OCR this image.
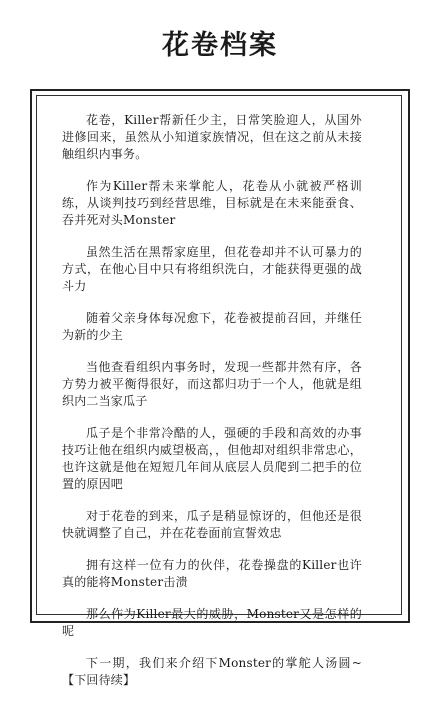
花卷档案

花卷，Killer帮新任少主，日常笑脸迎人，从国外进修回来，虽然从小知道家族情况，但在这之前从未接触组织内事务。

作为Killer帮未来掌舵人，花卷从小就被严格训练，从谈判技巧到经营思维，目标就是在未来能蚕食、吞并死对头Monster

虽然生活在黑帮家庭里，但花卷却并不认可暴力的方式，在他心目中只有将组织洗白，才能获得更强的战斗力

随着父亲身体每况愈下，花卷被提前召回，并继任为新的少主

当他查看组织内事务时，发现一些都井然有序，各方势力被平衡得很好，而这都归功于一个人，他就是组织内二当家瓜子

瓜子是个非常冷酷的人，强硬的手段和高效的办事技巧让他在组织内威望极高，，但他却对组织非常忠心，也许这就是他在短短几年间从底层人员爬到二把手的位置的原因吧

对于花卷的到来，瓜子是稍显惊讶的，但他还是很快就调整了自己，并在花卷面前宣誓效忠

拥有这样一位有力的伙伴，花卷操盘的Killer也许真的能将Monster击溃

那么作为Killer最大的威胁，Monster又是怎样的呢

下一期，我们来介绍下Monster的掌舵人汤圆~【下回待续】
